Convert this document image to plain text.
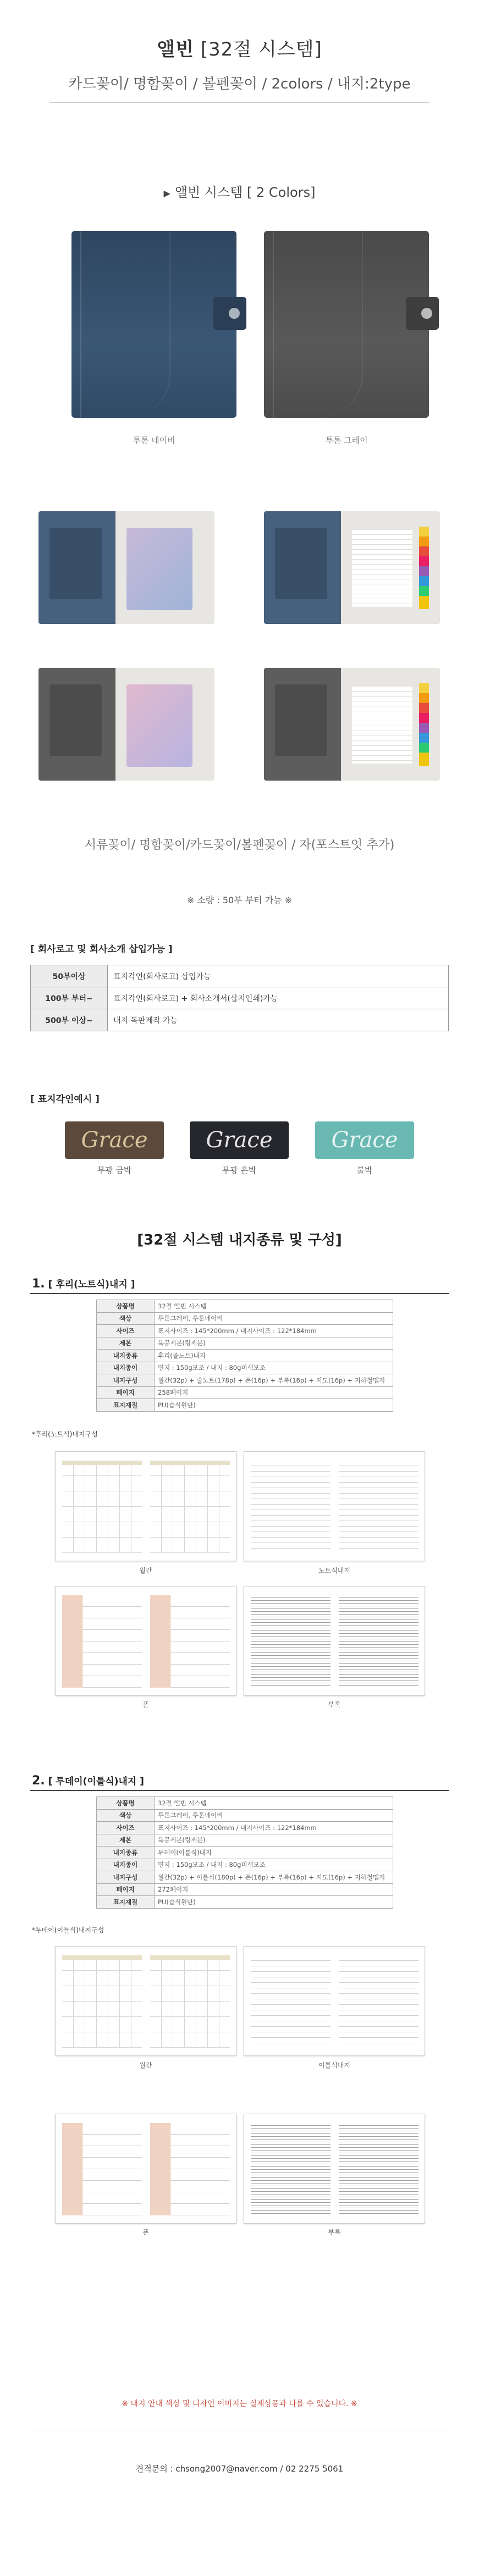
앨빈 [32절 시스템]
카드꽂이/ 명함꽂이 / 볼펜꽂이 / 2colors / 내지:2type
▶ 앨빈 시스템 [ 2 Colors]
투톤 네이비	투톤 그레이
서류꽂이/ 명함꽂이/카드꽂이/볼펜꽂이 / 자(포스트잇 추가)
※ 소량 : 50부 부터 가능 ※
[ 회사로고 및 회사소개 삽입가능 ]
50부이상	표지각인(회사로고) 삽입가능
100부 부터~	표지각인(회사로고) + 회사소개서(삽지인쇄)가능
500부 이상~	내지 독판제작 가능
[ 표지각인예시 ]
Grace	Grace	Grace
무광 금박	무광 은박	불박
[32절 시스템 내지종류 및 구성]
1. [ 후리(노트식)내지 ]
상품명	32절 앨빈 시스템
색상	투톤그레이, 투톤네이비
사이즈	표지사이즈 : 145*200mm / 내지사이즈 : 122*184mm
제본	육공제본(링제본)
내지종류	후리(줄노트)내지
내지종이	면지 : 150g모조 / 내지 : 80g미색모조
내지구성	월간(32p) + 줄노트(178p) + 폰(16p) + 부록(16p) + 지도(16p) + 지하철맵지
페이지	258페이지
표지재질	PU(습식원단)
*후리(노트식)내지구성
월간	노트식내지
폰	부록
2. [ 투데이(이틀식)내지 ]
상품명	32절 앨빈 시스템
색상	투톤그레이, 투톤네이비
사이즈	표지사이즈 : 145*200mm / 내지사이즈 : 122*184mm
제본	육공제본(링제본)
내지종류	투데이(이틀식)내지
내지종이	면지 : 150g모조 / 내지 : 80g미색모조
내지구성	월간(32p) + 이틀식(180p) + 폰(16p) + 부록(16p) + 지도(16p) + 지하철맵지
페이지	272페이지
표지재질	PU(습식원단)
*투데이(이틀식)내지구성
월간	이틀식내지
폰	부록
※ 내지 안내 색상 및 디자인 이미지는 실제상품과 다를 수 있습니다. ※
견적문의 : chsong2007@naver.com / 02 2275 5061
